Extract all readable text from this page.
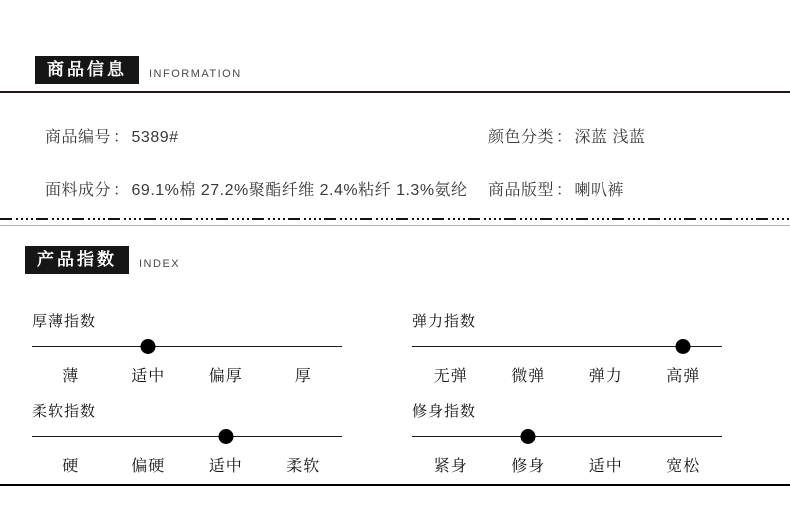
商品信息	INFORMATION
商品编号 ： 5389#	颜色分类 ： 深蓝 浅蓝
面料成分 ： 69.1%棉 27.2%聚酯纤维 2.4%粘纤 1.3%氨纶 商品版型 ： 喇叭裤
产品指数	INDEX
厚薄指数
薄	适中	偏厚	厚
弹力指数
无弹	微弹	弹力	高弹
柔软指数
硬	偏硬	适中	柔软
修身指数
紧身	修身	适中	宽松
